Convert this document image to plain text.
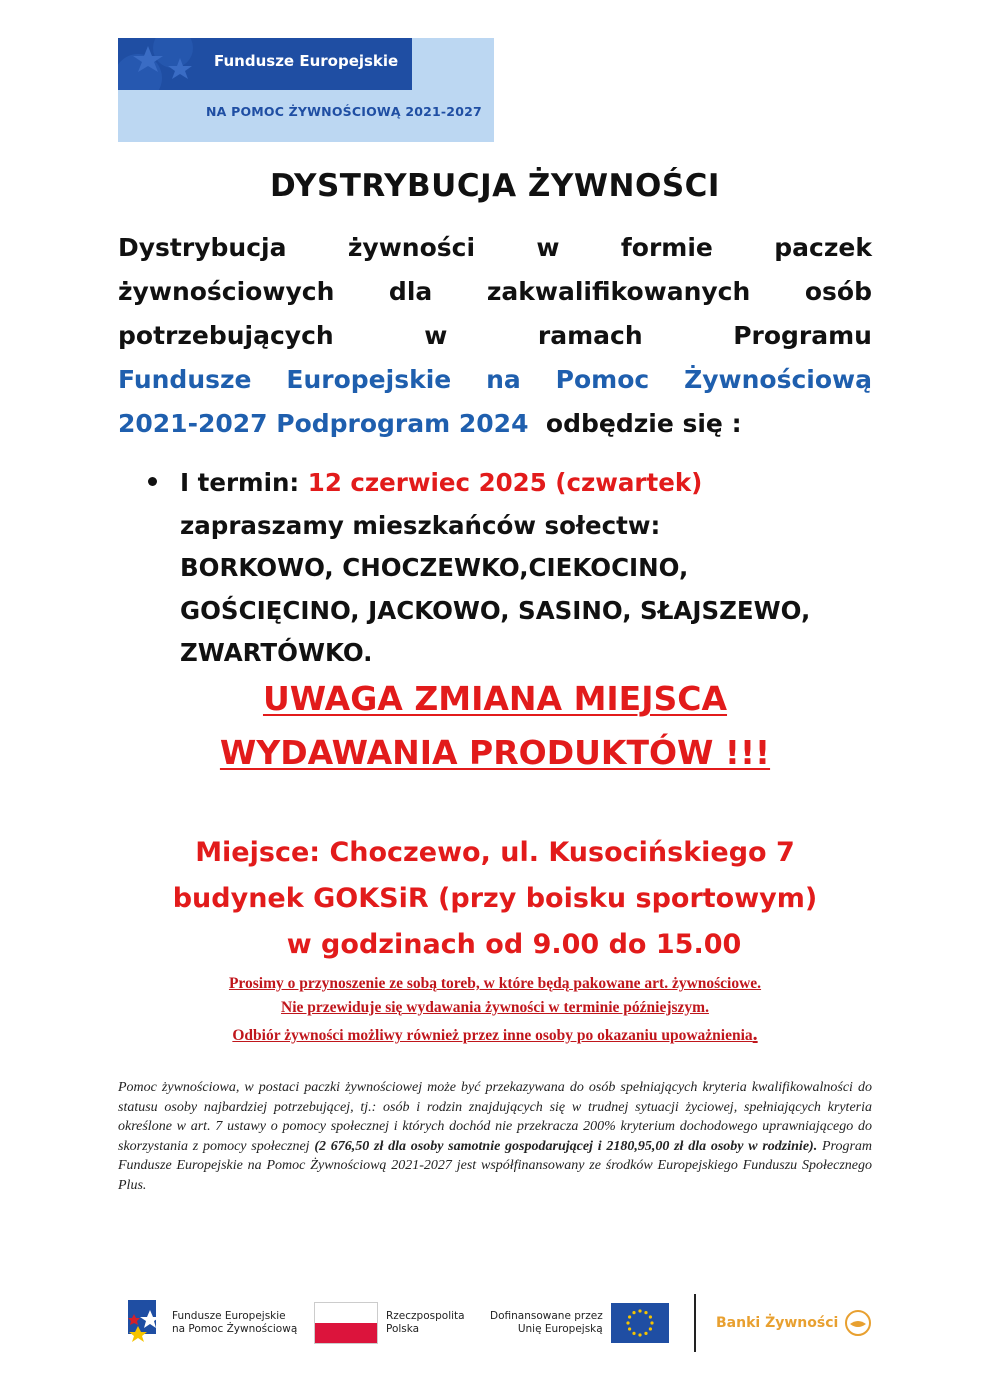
Fundusze Europejskie
NA POMOC ŻYWNOŚCIOWĄ 2021-2027
DYSTRYBUCJA ŻYWNOŚCI
Dystrybucja żywności w formie paczek
żywnościowych dla zakwalifikowanych osób
potrzebujących	w	ramach	Programu
Fundusze Europejskie na Pomoc Żywnościową
2021-2027 Podprogram 2024 odbędzie się :
I termin: 12 czerwiec 2025 (czwartek)
zapraszamy mieszkańców sołectw:
BORKOWO, CHOCZEWKO,CIEKOCINO,
GOŚCIĘCINO, JACKOWO, SASINO, SŁAJSZEWO,
ZWARTÓWKO.
UWAGA ZMIANA MIEJSCA
WYDAWANIA PRODUKTÓW !!!
Miejsce: Choczewo, ul. Kusocińskiego 7
budynek GOKSiR (przy boisku sportowym)
w godzinach od 9.00 do 15.00
Prosimy o przynoszenie ze sobą toreb, w które będą pakowane art. żywnościowe.
Nie przewiduje się wydawania żywności w terminie późniejszym.
Odbiór żywności możliwy również przez inne osoby po okazaniu upoważnienia.
Pomoc żywnościowa, w postaci paczki żywnościowej może być przekazywana do osób spełniających kryteria kwalifikowalności do statusu osoby najbardziej potrzebującej, tj.: osób i rodzin znajdujących się w trudnej sytuacji życiowej, spełniających kryteria określone w art. 7 ustawy o pomocy społecznej i których dochód nie przekracza 200% kryterium dochodowego uprawniającego do skorzystania z pomocy społecznej (2 676,50 zł dla osoby samotnie gospodarującej i 2180,95,00 zł dla osoby w rodzinie). Program Fundusze Europejskie na Pomoc Żywnościową 2021-2027 jest współfinansowany ze środków Europejskiego Funduszu Społecznego Plus.
Fundusze Europejskie
na Pomoc Żywnościową
Rzeczpospolita
Polska
Dofinansowane przez
Unię Europejską	Banki Żywności
